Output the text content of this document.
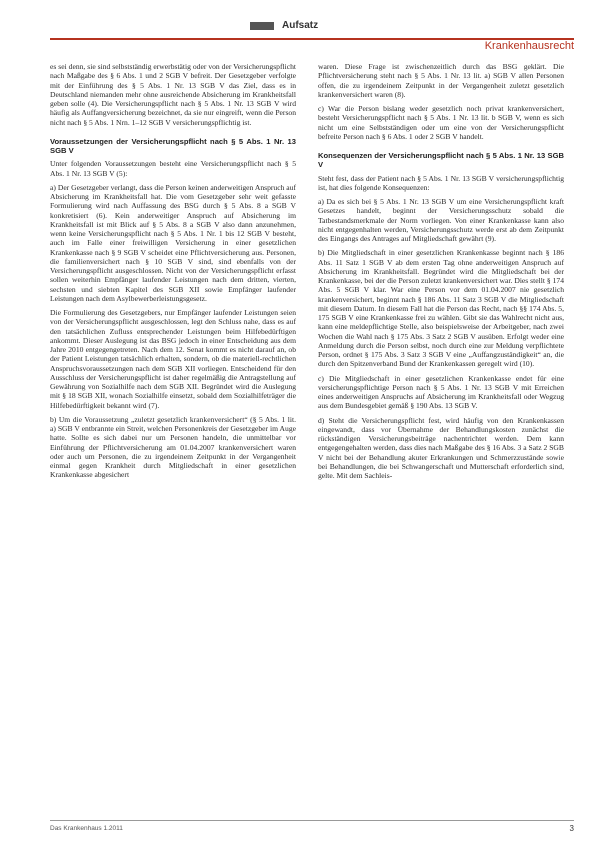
Aufsatz
Krankenhausrecht

es sei denn, sie sind selbstständig erwerbstätig oder von der Versicherungspflicht nach Maßgabe des § 6 Abs. 1 und 2 SGB V befreit. Der Gesetzgeber verfolgte mit der Einführung des § 5 Abs. 1 Nr. 13 SGB V das Ziel, dass es in Deutschland niemanden mehr ohne ausreichende Absicherung im Krankheitsfall geben solle (4). Die Versicherungspflicht nach § 5 Abs. 1 Nr. 13 SGB V wird häufig als Auffangversicherung bezeichnet, da sie nur eingreift, wenn die Person nicht nach § 5 Abs. 1 Nrn. 1–12 SGB V versicherungspflichtig ist.

Voraussetzungen der Versicherungspflicht nach § 5 Abs. 1 Nr. 13 SGB V

Unter folgenden Voraussetzungen besteht eine Versicherungspflicht nach § 5 Abs. 1 Nr. 13 SGB V (5):

a) Der Gesetzgeber verlangt, dass die Person keinen anderweitigen Anspruch auf Absicherung im Krankheitsfall hat. Die vom Gesetzgeber sehr weit gefasste Formulierung wird nach Auffassung des BSG durch § 5 Abs. 8 a SGB V konkretisiert (6). Kein anderweitiger Anspruch auf Absicherung im Krankheitsfall ist mit Blick auf § 5 Abs. 8 a SGB V also dann anzunehmen, wenn keine Versicherungspflicht nach § 5 Abs. 1 Nr. 1 bis 12 SGB V besteht, auch im Falle einer freiwilligen Versicherung in einer gesetzlichen Krankenkasse nach § 9 SGB V scheidet eine Pflichtversicherung aus. Personen, die familienversichert nach § 10 SGB V sind, sind ebenfalls von der Versicherungspflicht ausgeschlossen. Nicht von der Versicherungspflicht erfasst sollen weiterhin Empfänger laufender Leistungen nach dem dritten, vierten, sechsten und siebten Kapitel des SGB XII sowie Empfänger laufender Leistungen nach dem Asylbewerberleistungsgesetz.

Die Formulierung des Gesetzgebers, nur Empfänger laufender Leistungen seien von der Versicherungspflicht ausgeschlossen, legt den Schluss nahe, dass es auf den tatsächlichen Zufluss entsprechender Leistungen beim Hilfebedürftigen ankommt. Dieser Auslegung ist das BSG jedoch in einer Entscheidung aus dem Jahre 2010 entgegengetreten. Nach dem 12. Senat kommt es nicht darauf an, ob der Patient Leistungen tatsächlich erhalten, sondern, ob die materiell-rechtlichen Anspruchsvoraussetzungen nach dem SGB XII vorliegen. Entscheidend für den Ausschluss der Versicherungspflicht ist daher regelmäßig die Antragstellung auf Gewährung von Sozialhilfe nach dem SGB XII. Begründet wird die Auslegung mit § 18 SGB XII, wonach Sozialhilfe einsetzt, sobald dem Sozialhilfeträger die Hilfebedürftigkeit bekannt wird (7).

b) Um die Voraussetzung „zuletzt gesetzlich krankenversichert“ (§ 5 Abs. 1 lit. a) SGB V entbrannte ein Streit, welchen Personenkreis der Gesetzgeber im Auge hatte. Sollte es sich dabei nur um Personen handeln, die unmittelbar vor Einführung der Pflichtversicherung am 01.04.2007 krankenversichert waren oder auch um Personen, die zu irgendeinem Zeitpunkt in der Vergangenheit einmal gegen Krankheit durch Mitgliedschaft in einer gesetzlichen Krankenkasse abgesichert

waren. Diese Frage ist zwischenzeitlich durch das BSG geklärt. Die Pflichtversicherung steht nach § 5 Abs. 1 Nr. 13 lit. a) SGB V allen Personen offen, die zu irgendeinem Zeitpunkt in der Vergangenheit zuletzt gesetzlich krankenversichert waren (8).

c) War die Person bislang weder gesetzlich noch privat krankenversichert, besteht Versicherungspflicht nach § 5 Abs. 1 Nr. 13 lit. b SGB V, wenn es sich nicht um eine Selbstständigen oder um eine von der Versicherungspflicht befreite Person nach § 6 Abs. 1 oder 2 SGB V handelt.

Konsequenzen der Versicherungspflicht nach § 5 Abs. 1 Nr. 13 SGB V

Steht fest, dass der Patient nach § 5 Abs. 1 Nr. 13 SGB V versicherungspflichtig ist, hat dies folgende Konsequenzen:

a) Da es sich bei § 5 Abs. 1 Nr. 13 SGB V um eine Versicherungspflicht kraft Gesetzes handelt, beginnt der Versicherungsschutz sobald die Tatbestandsmerkmale der Norm vorliegen. Von einer Krankenkasse kann also nicht entgegenhalten werden, Versicherungsschutz werde erst ab dem Zeitpunkt des Eingangs des Antrages auf Mitgliedschaft gewährt (9).

b) Die Mitgliedschaft in einer gesetzlichen Krankenkasse beginnt nach § 186 Abs. 11 Satz 1 SGB V ab dem ersten Tag ohne anderweitigen Anspruch auf Absicherung im Krankheitsfall. Begründet wird die Mitgliedschaft bei der Krankenkasse, bei der die Person zuletzt krankenversichert war. Dies stellt § 174 Abs. 5 SGB V klar. War eine Person vor dem 01.04.2007 nie gesetzlich krankenversichert, beginnt nach § 186 Abs. 11 Satz 3 SGB V die Mitgliedschaft mit diesem Datum. In diesem Fall hat die Person das Recht, nach §§ 174 Abs. 5, 175 SGB V eine Krankenkasse frei zu wählen. Gibt sie das Wahlrecht nicht aus, kann eine meldepflichtige Stelle, also beispielsweise der Arbeitgeber, nach zwei Wochen die Wahl nach § 175 Abs. 3 Satz 2 SGB V ausüben. Erfolgt weder eine Anmeldung durch die Person selbst, noch durch eine zur Meldung verpflichtete Person, ordnet § 175 Abs. 3 Satz 3 SGB V eine „Auffangzuständigkeit“ an, die durch den Spitzenverband Bund der Krankenkassen geregelt wird (10).

c) Die Mitgliedschaft in einer gesetzlichen Krankenkasse endet für eine versicherungspflichtige Person nach § 5 Abs. 1 Nr. 13 SGB V mit Erreichen eines anderweitigen Anspruchs auf Absicherung im Krankheitsfall oder Wegzug aus dem Bundesgebiet gemäß § 190 Abs. 13 SGB V.

d) Steht die Versicherungspflicht fest, wird häufig von den Krankenkassen eingewandt, dass vor Übernahme der Behandlungskosten zunächst die rückständigen Versicherungsbeiträge nachentrichtet werden. Dem kann entgegengehalten werden, dass dies nach Maßgabe des § 16 Abs. 3 a Satz 2 SGB V nicht bei der Behandlung akuter Erkrankungen und Schmerzzustände sowie bei Behandlungen, die bei Schwangerschaft und Mutterschaft erforderlich sind, gelte. Mit dem Sachleis-

Das Krankenhaus 1.2011	3
